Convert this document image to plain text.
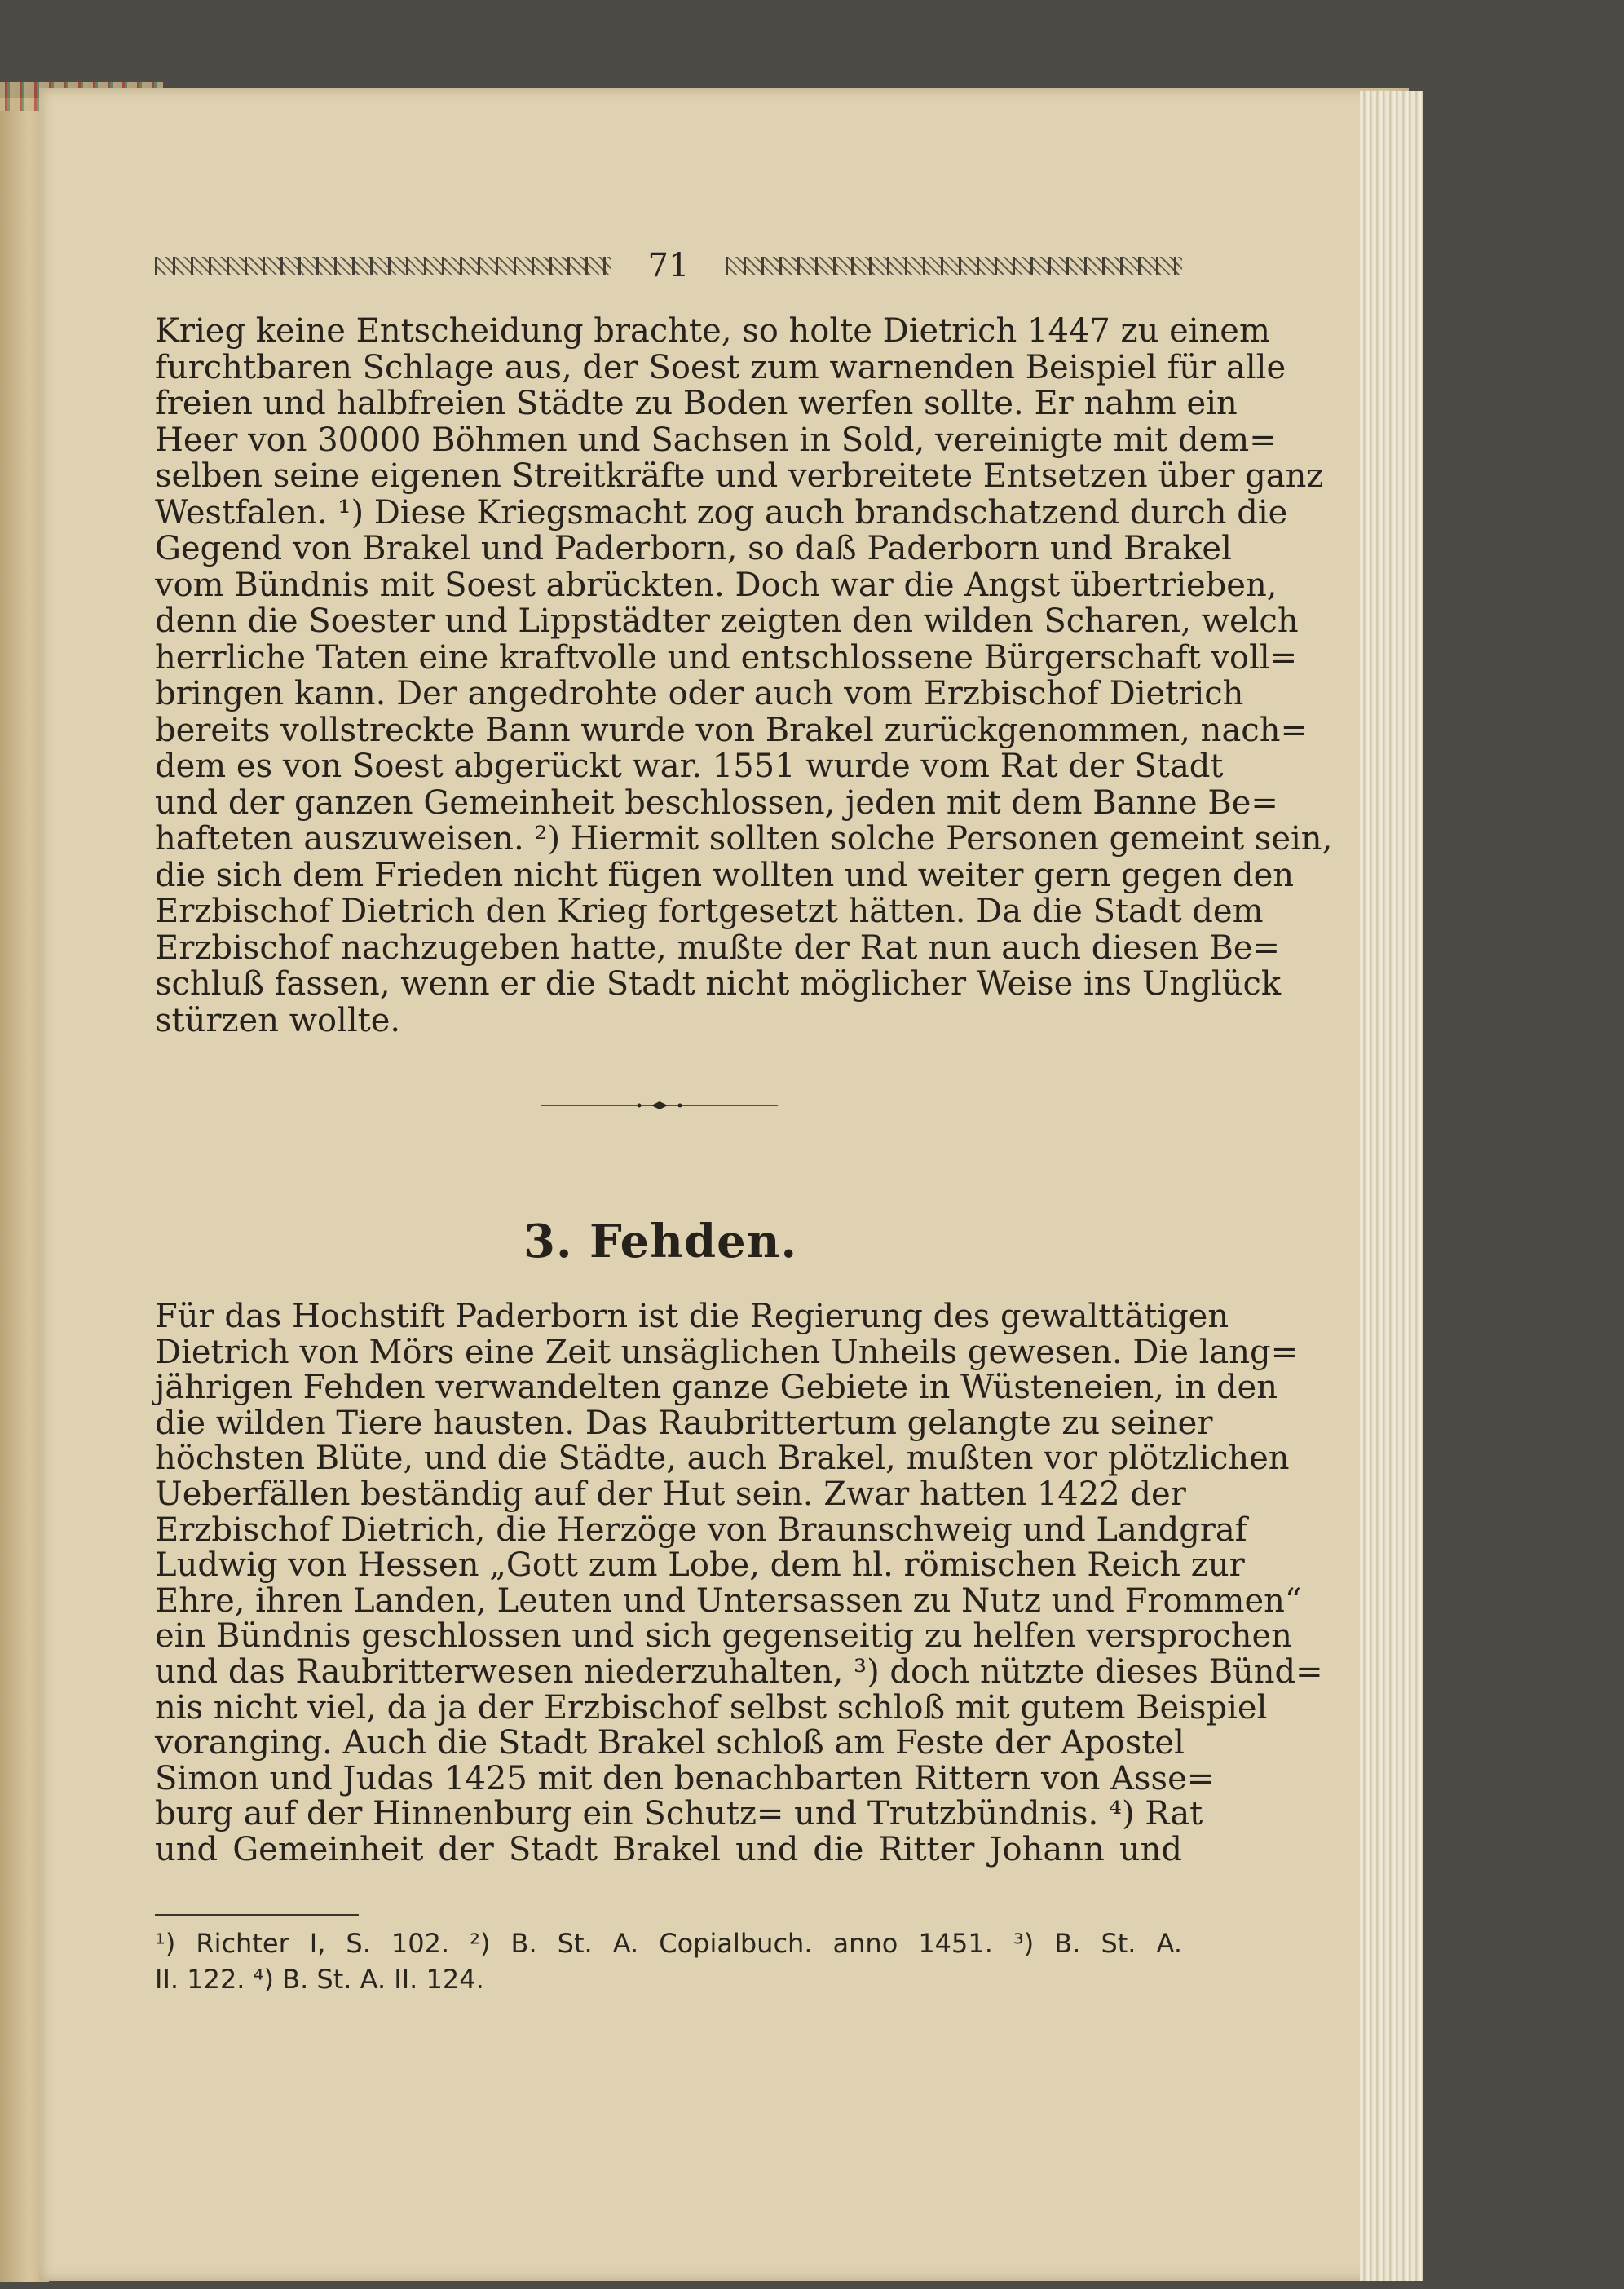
71
Krieg keine Entscheidung brachte, so holte Dietrich 1447 zu einem
furchtbaren Schlage aus, der Soest zum warnenden Beispiel für alle
freien und halbfreien Städte zu Boden werfen sollte. Er nahm ein
Heer von 30000 Böhmen und Sachsen in Sold, vereinigte mit dem=
selben seine eigenen Streitkräfte und verbreitete Entsetzen über ganz
Westfalen. ¹) Diese Kriegsmacht zog auch brandschatzend durch die
Gegend von Brakel und Paderborn, so daß Paderborn und Brakel
vom Bündnis mit Soest abrückten. Doch war die Angst übertrieben,
denn die Soester und Lippstädter zeigten den wilden Scharen, welch
herrliche Taten eine kraftvolle und entschlossene Bürgerschaft voll=
bringen kann. Der angedrohte oder auch vom Erzbischof Dietrich
bereits vollstreckte Bann wurde von Brakel zurückgenommen, nach=
dem es von Soest abgerückt war. 1551 wurde vom Rat der Stadt
und der ganzen Gemeinheit beschlossen, jeden mit dem Banne Be=
hafteten auszuweisen. ²) Hiermit sollten solche Personen gemeint sein,
die sich dem Frieden nicht fügen wollten und weiter gern gegen den
Erzbischof Dietrich den Krieg fortgesetzt hätten. Da die Stadt dem
Erzbischof nachzugeben hatte, mußte der Rat nun auch diesen Be=
schluß fassen, wenn er die Stadt nicht möglicher Weise ins Unglück
stürzen wollte.
3. Fehden.
Für das Hochstift Paderborn ist die Regierung des gewalttätigen
Dietrich von Mörs eine Zeit unsäglichen Unheils gewesen. Die lang=
jährigen Fehden verwandelten ganze Gebiete in Wüsteneien, in den
die wilden Tiere hausten. Das Raubrittertum gelangte zu seiner
höchsten Blüte, und die Städte, auch Brakel, mußten vor plötzlichen
Ueberfällen beständig auf der Hut sein. Zwar hatten 1422 der
Erzbischof Dietrich, die Herzöge von Braunschweig und Landgraf
Ludwig von Hessen „Gott zum Lobe, dem hl. römischen Reich zur
Ehre, ihren Landen, Leuten und Untersassen zu Nutz und Frommen“
ein Bündnis geschlossen und sich gegenseitig zu helfen versprochen
und das Raubritterwesen niederzuhalten, ³) doch nützte dieses Bünd=
nis nicht viel, da ja der Erzbischof selbst schloß mit gutem Beispiel
voranging. Auch die Stadt Brakel schloß am Feste der Apostel
Simon und Judas 1425 mit den benachbarten Rittern von Asse=
burg auf der Hinnenburg ein Schutz= und Trutzbündnis. ⁴) Rat
und Gemeinheit der Stadt Brakel und die Ritter Johann und
¹) Richter I, S. 102. ²) B. St. A. Copialbuch. anno 1451. ³) B. St. A.
II. 122. ⁴) B. St. A. II. 124.
